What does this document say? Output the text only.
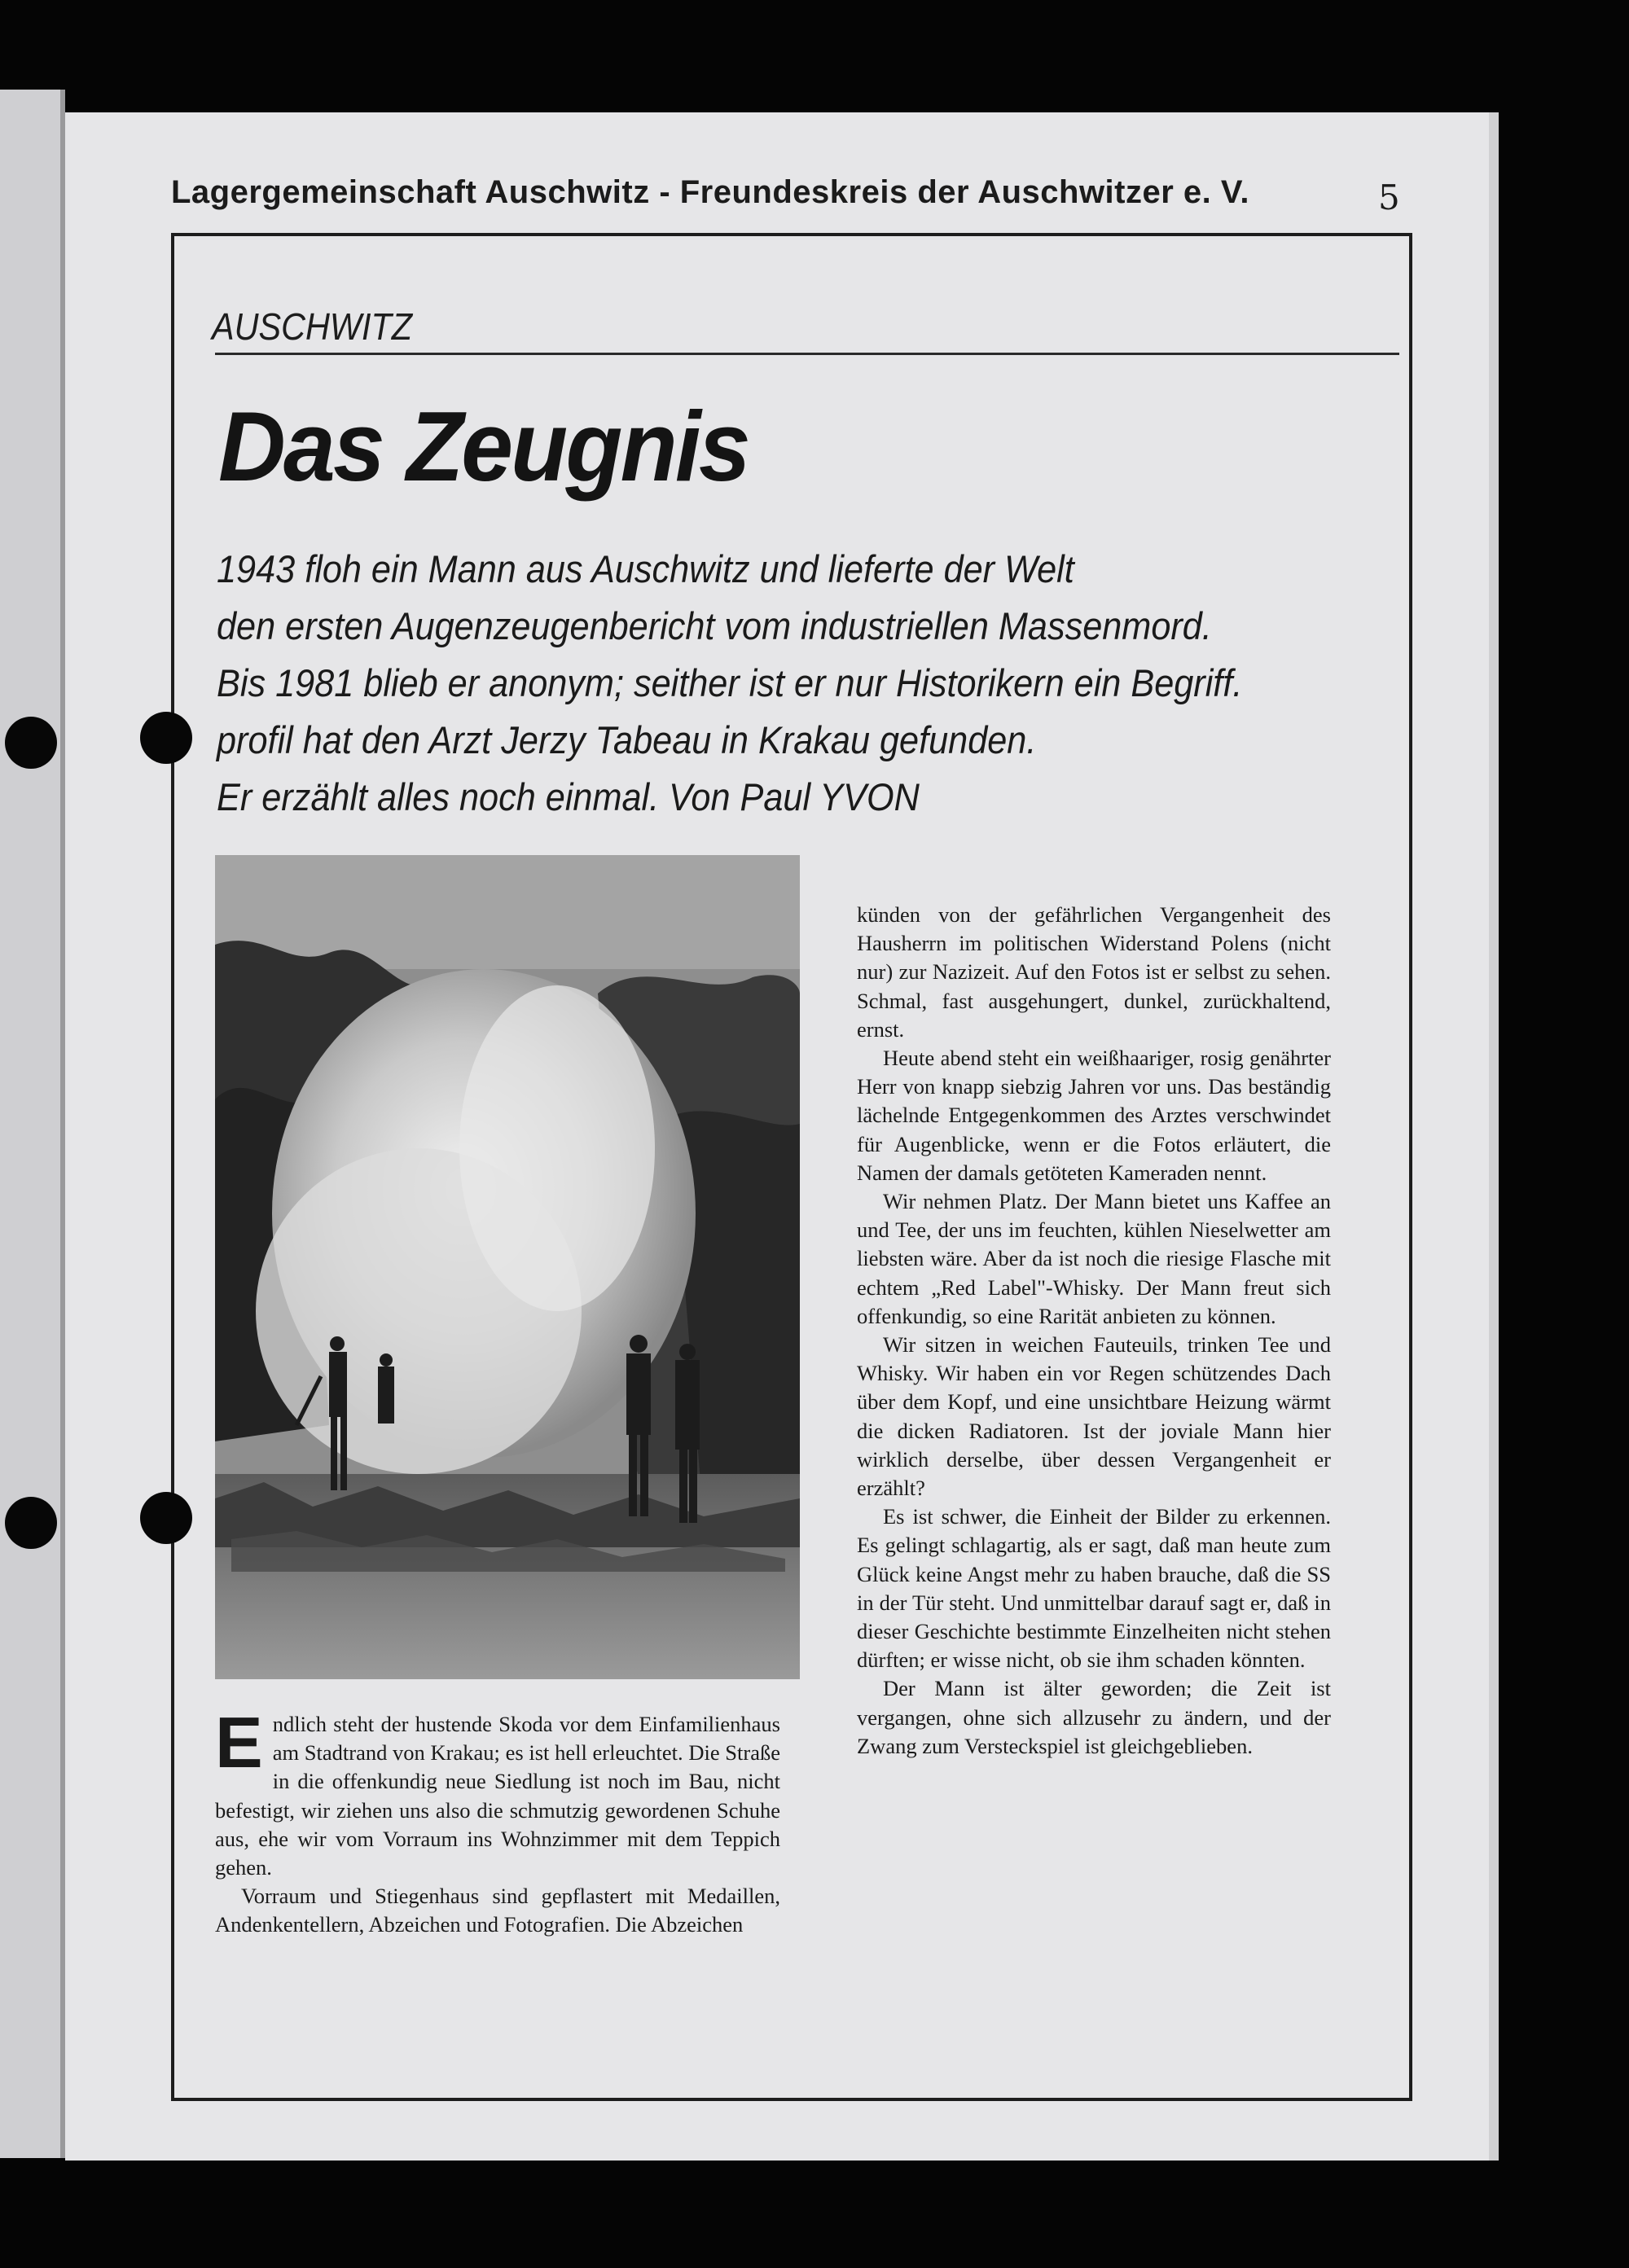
Lagergemeinschaft Auschwitz - Freundeskreis der Auschwitzer e. V.	5
AUSCHWITZ
Das Zeugnis
1943 floh ein Mann aus Auschwitz und lieferte der Welt
den ersten Augenzeugenbericht vom industriellen Massenmord.
Bis 1981 blieb er anonym; seither ist er nur Historikern ein Begriff.
profil hat den Arzt Jerzy Tabeau in Krakau gefunden.
Er erzählt alles noch einmal. Von Paul YVON

Endlich steht der hustende Skoda vor dem Einfamilienhaus am Stadtrand von Krakau; es ist hell erleuchtet. Die Straße in die offenkundig neue Siedlung ist noch im Bau, nicht befestigt, wir ziehen uns also die schmutzig gewordenen Schuhe aus, ehe wir vom Vorraum ins Wohnzimmer mit dem Teppich gehen.

Vorraum und Stiegenhaus sind gepflastert mit Medaillen, Andenkentellern, Abzeichen und Fotografien. Die Abzeichen

künden von der gefährlichen Vergangenheit des Hausherrn im politischen Widerstand Polens (nicht nur) zur Nazizeit. Auf den Fotos ist er selbst zu sehen. Schmal, fast ausgehungert, dunkel, zurückhaltend, ernst.

Heute abend steht ein weißhaariger, rosig genährter Herr von knapp siebzig Jahren vor uns. Das beständig lächelnde Entgegenkommen des Arztes verschwindet für Augenblicke, wenn er die Fotos erläutert, die Namen der damals getöteten Kameraden nennt.

Wir nehmen Platz. Der Mann bietet uns Kaffee an und Tee, der uns im feuchten, kühlen Nieselwetter am liebsten wäre. Aber da ist noch die riesige Flasche mit echtem „Red Label"-Whisky. Der Mann freut sich offenkundig, so eine Rarität anbieten zu können.

Wir sitzen in weichen Fauteuils, trinken Tee und Whisky. Wir haben ein vor Regen schützendes Dach über dem Kopf, und eine unsichtbare Heizung wärmt die dicken Radiatoren. Ist der joviale Mann hier wirklich derselbe, über dessen Vergangenheit er erzählt?

Es ist schwer, die Einheit der Bilder zu erkennen. Es gelingt schlagartig, als er sagt, daß man heute zum Glück keine Angst mehr zu haben brauche, daß die SS in der Tür steht. Und unmittelbar darauf sagt er, daß in dieser Geschichte bestimmte Einzelheiten nicht stehen dürften; er wisse nicht, ob sie ihm schaden könnten.

Der Mann ist älter geworden; die Zeit ist vergangen, ohne sich allzusehr zu ändern, und der Zwang zum Versteckspiel ist gleichgeblieben.
